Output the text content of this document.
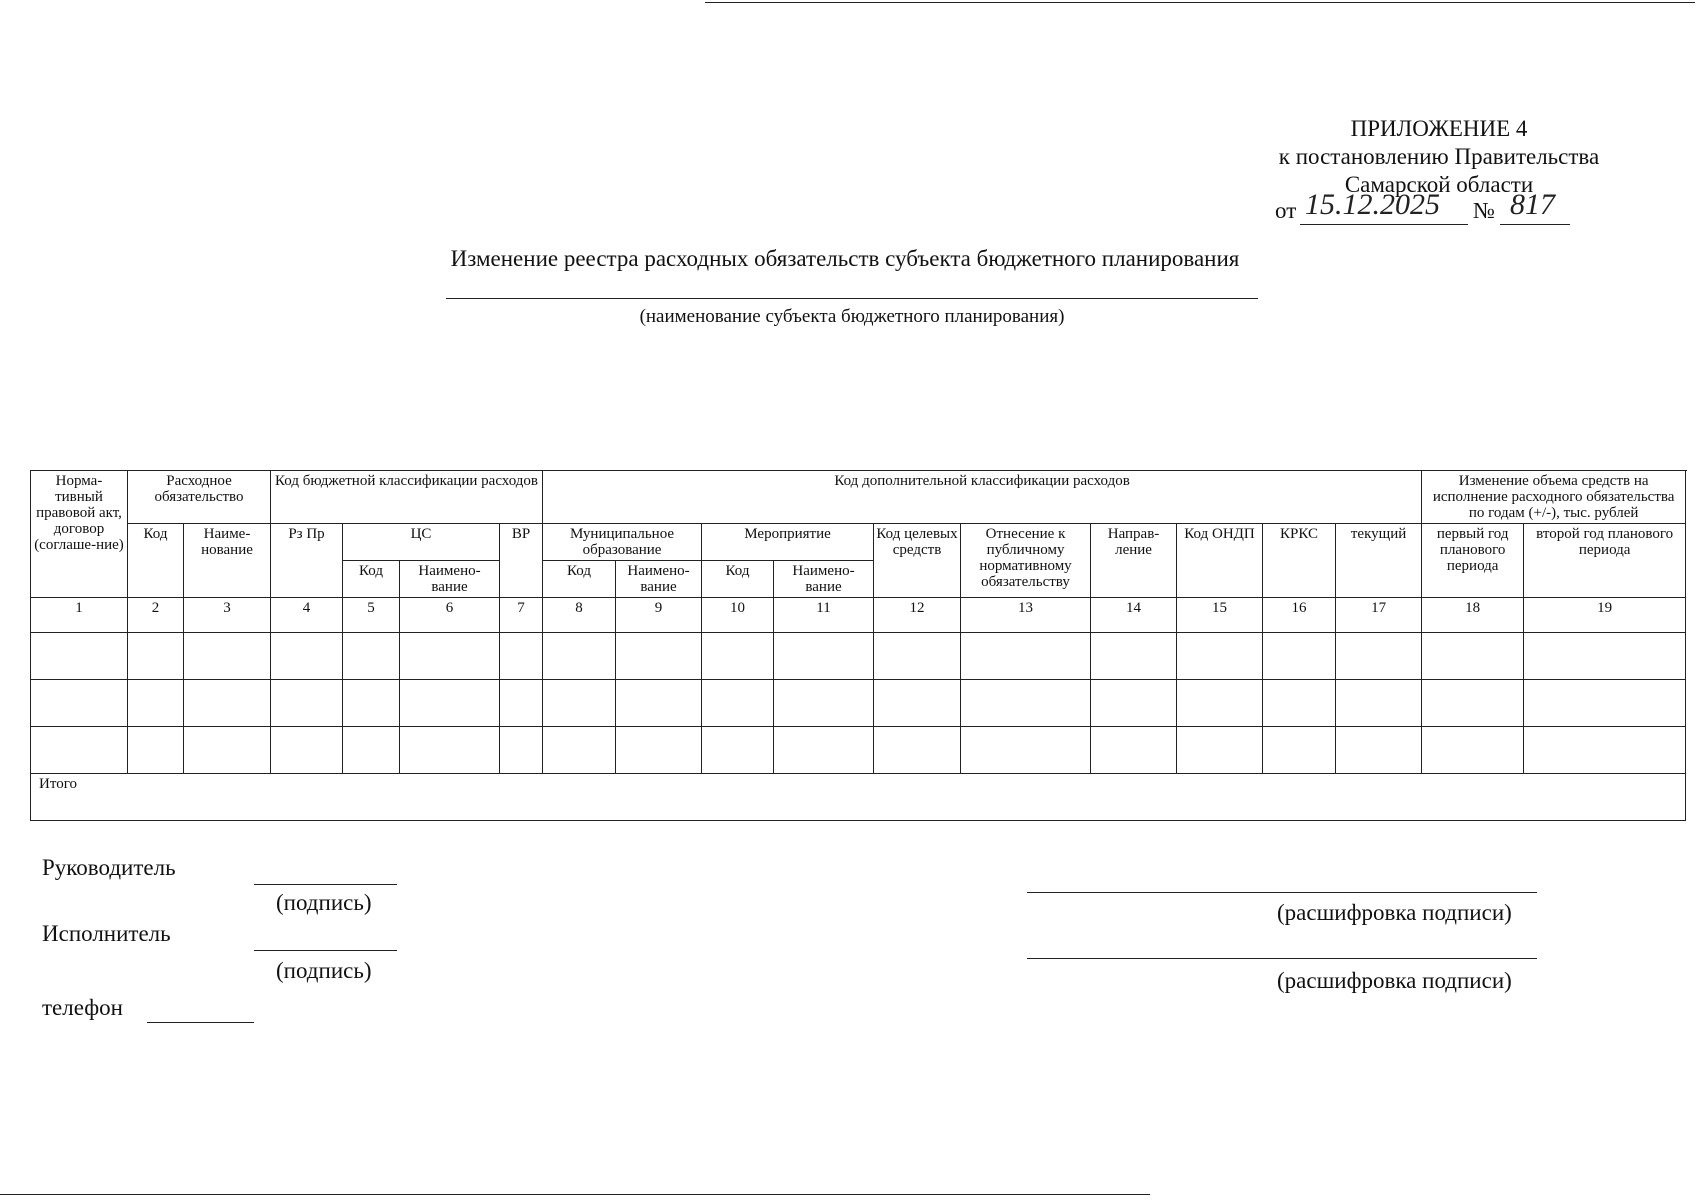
ПРИЛОЖЕНИЕ 4
к постановлению Правительства
Самарской области
от 15.12.2025 № 817
Изменение реестра расходных обязательств субъекта бюджетного планирования
(наименование субъекта бюджетного планирования)
Норма-тивный правовой акт, договор (соглаше-ние)	Расходное обязательство		Код бюджетной классификации расходов				Код дополнительной классификации расходов										Изменение объема средств на исполнение расходного обязательства по годам (+/-), тыс. рублей	
	Код	Наиме-нование	Рз Пр	ЦС		ВР	Муниципальное образование		Мероприятие		Код целевых средств	Отнесение к публичному нормативному обязательству	Направ-ление	Код ОНДП	КРКС	текущий	первый год планового периода	второй год планового периода
				Код	Наимено-вание		Код	Наимено-вание	Код	Наимено-вание								
1	2	3	4	5	6	7	8	9	10	11	12	13	14	15	16	17	18	19

Итого																		
Руководитель
(подпись)	(расшифровка подписи)
Исполнитель
(подпись)	(расшифровка подписи)
телефон
